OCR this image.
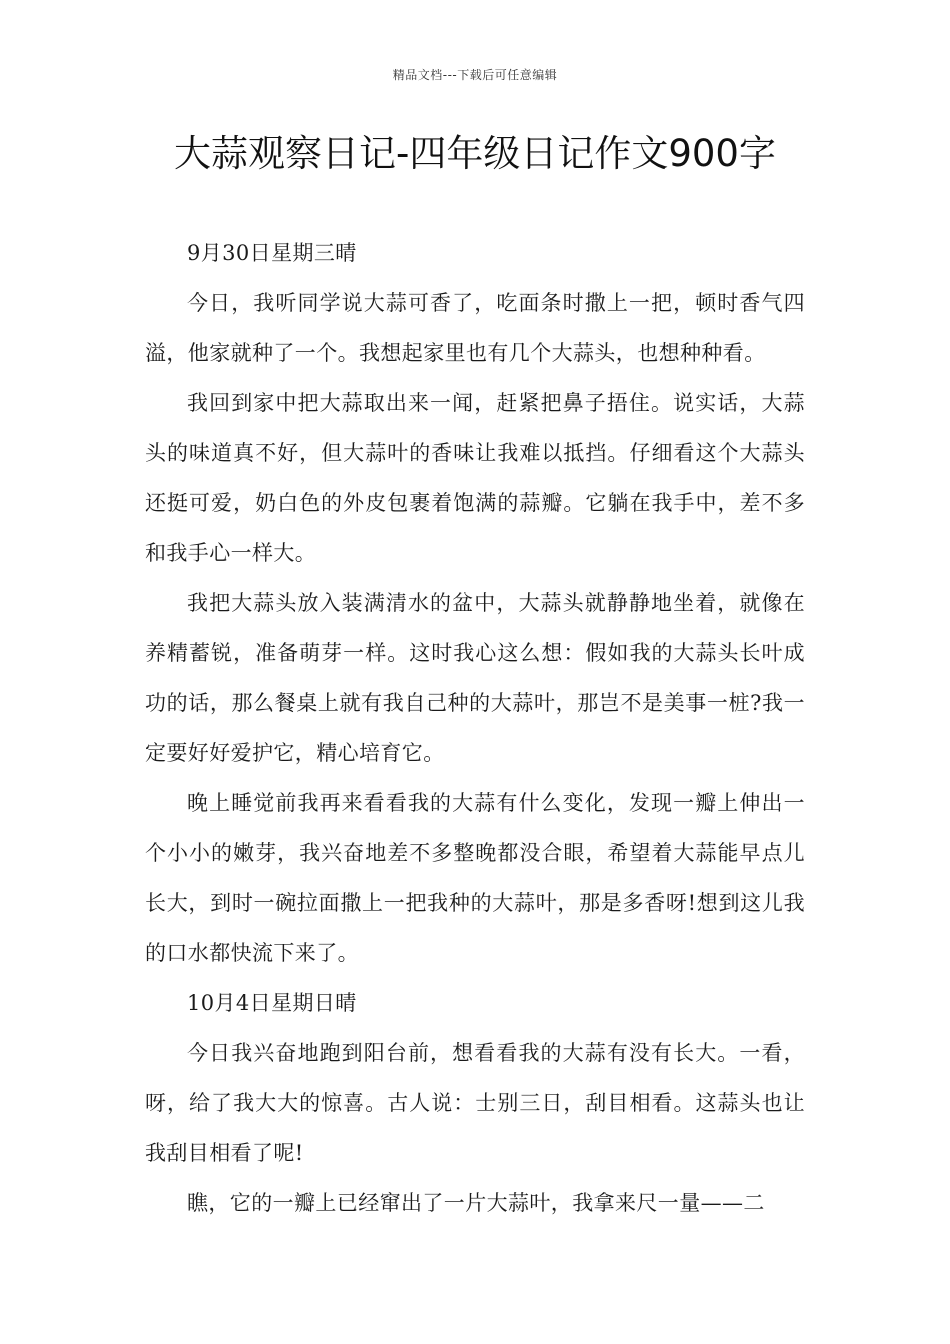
精品文档---下载后可任意编辑
大蒜观察日记-四年级日记作文900字

9月30日星期三晴

今日，我听同学说大蒜可香了，吃面条时撒上一把，顿时香气四溢，他家就种了一个。我想起家里也有几个大蒜头，也想种种看。

我回到家中把大蒜取出来一闻，赶紧把鼻子捂住。说实话，大蒜头的味道真不好，但大蒜叶的香味让我难以抵挡。仔细看这个大蒜头还挺可爱，奶白色的外皮包裹着饱满的蒜瓣。它躺在我手中，差不多和我手心一样大。

我把大蒜头放入装满清水的盆中，大蒜头就静静地坐着，就像在养精蓄锐，准备萌芽一样。这时我心这么想：假如我的大蒜头长叶成功的话，那么餐桌上就有我自己种的大蒜叶，那岂不是美事一桩?我一定要好好爱护它，精心培育它。

晚上睡觉前我再来看看我的大蒜有什么变化，发现一瓣上伸出一个小小的嫩芽，我兴奋地差不多整晚都没合眼，希望着大蒜能早点儿长大，到时一碗拉面撒上一把我种的大蒜叶，那是多香呀!想到这儿我的口水都快流下来了。

10月4日星期日晴

今日我兴奋地跑到阳台前，想看看我的大蒜有没有长大。一看，呀，给了我大大的惊喜。古人说：士别三日，刮目相看。这蒜头也让我刮目相看了呢!

瞧，它的一瓣上已经窜出了一片大蒜叶，我拿来尺一量——二
